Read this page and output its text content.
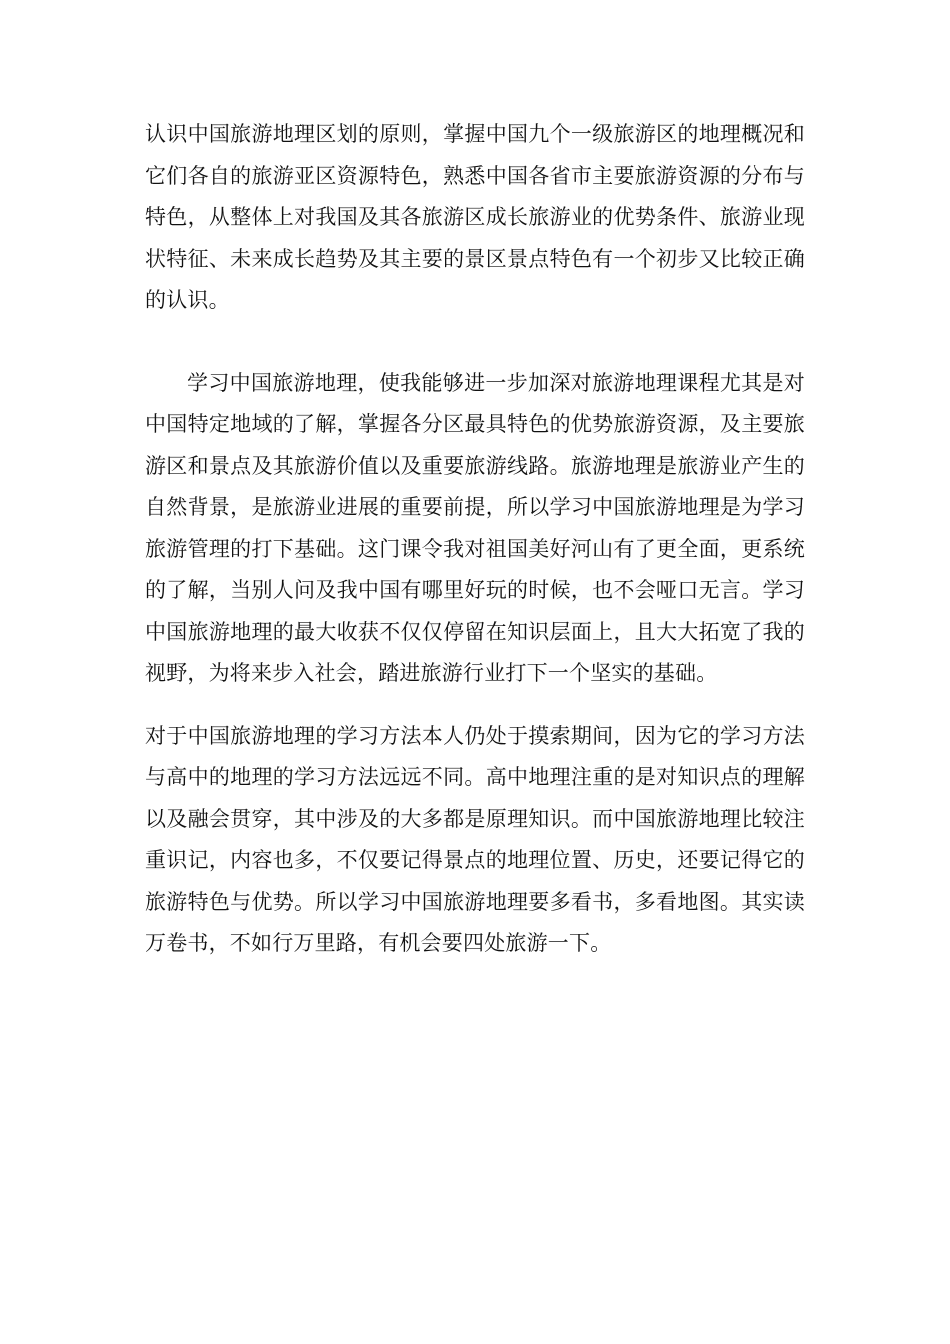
认识中国旅游地理区划的原则，掌握中国九个一级旅游区的地理概况和它们各自的旅游亚区资源特色，熟悉中国各省市主要旅游资源的分布与特色，从整体上对我国及其各旅游区成长旅游业的优势条件、旅游业现状特征、未来成长趋势及其主要的景区景点特色有一个初步又比较正确的认识。

学习中国旅游地理，使我能够进一步加深对旅游地理课程尤其是对中国特定地域的了解，掌握各分区最具特色的优势旅游资源，及主要旅游区和景点及其旅游价值以及重要旅游线路。旅游地理是旅游业产生的自然背景，是旅游业进展的重要前提，所以学习中国旅游地理是为学习旅游管理的打下基础。这门课令我对祖国美好河山有了更全面，更系统的了解，当别人问及我中国有哪里好玩的时候，也不会哑口无言。学习中国旅游地理的最大收获不仅仅停留在知识层面上，且大大拓宽了我的视野，为将来步入社会，踏进旅游行业打下一个坚实的基础。

对于中国旅游地理的学习方法本人仍处于摸索期间，因为它的学习方法与高中的地理的学习方法远远不同。高中地理注重的是对知识点的理解以及融会贯穿，其中涉及的大多都是原理知识。而中国旅游地理比较注重识记，内容也多，不仅要记得景点的地理位置、历史，还要记得它的旅游特色与优势。所以学习中国旅游地理要多看书，多看地图。其实读万卷书，不如行万里路，有机会要四处旅游一下。
